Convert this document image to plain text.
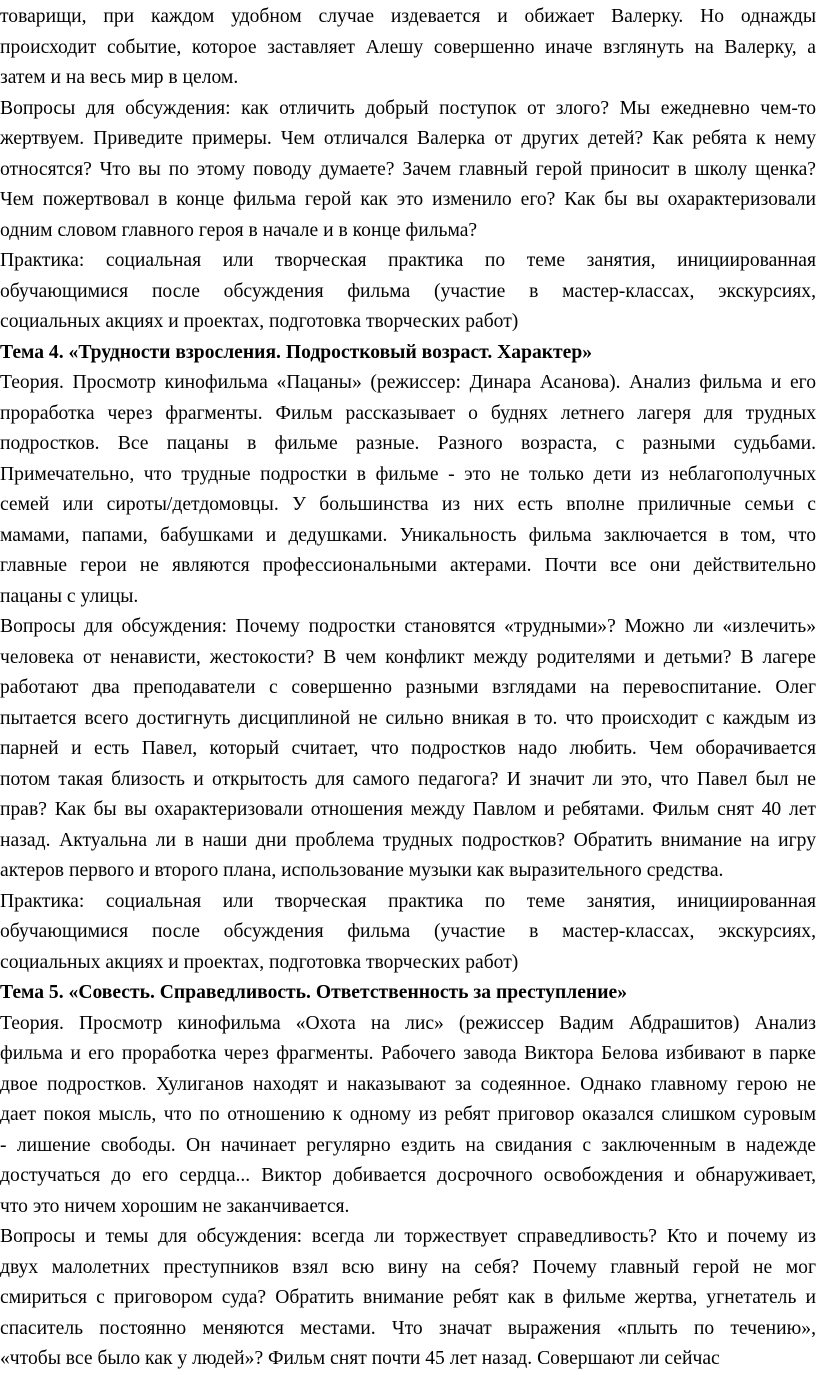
товарищи, при каждом удобном случае издевается и обижает Валерку. Но однажды
происходит событие, которое заставляет Алешу совершенно иначе взглянуть на Валерку, а
затем и на весь мир в целом.
Вопросы для обсуждения: как отличить добрый поступок от злого? Мы ежедневно чем-то
жертвуем. Приведите примеры. Чем отличался Валерка от других детей? Как ребята к нему
относятся? Что вы по этому поводу думаете? Зачем главный герой приносит в школу щенка?
Чем пожертвовал в конце фильма герой как это изменило его? Как бы вы охарактеризовали
одним словом главного героя в начале и в конце фильма?
Практика: социальная или творческая практика по теме занятия, инициированная
обучающимися после обсуждения фильма (участие в мастер-классах, экскурсиях,
социальных акциях и проектах, подготовка творческих работ)
Тема 4. «Трудности взросления. Подростковый возраст. Характер»
Теория. Просмотр кинофильма «Пацаны» (режиссер: Динара Асанова). Анализ фильма и его
проработка через фрагменты. Фильм рассказывает о буднях летнего лагеря для трудных
подростков. Все пацаны в фильме разные. Разного возраста, с разными судьбами.
Примечательно, что трудные подростки в фильме - это не только дети из неблагополучных
семей или сироты/детдомовцы. У большинства из них есть вполне приличные семьи с
мамами, папами, бабушками и дедушками. Уникальность фильма заключается в том, что
главные герои не являются профессиональными актерами. Почти все они действительно
пацаны с улицы.
Вопросы для обсуждения: Почему подростки становятся «трудными»? Можно ли «излечить»
человека от ненависти, жестокости? В чем конфликт между родителями и детьми? В лагере
работают два преподаватели с совершенно разными взглядами на перевоспитание. Олег
пытается всего достигнуть дисциплиной не сильно вникая в то. что происходит с каждым из
парней и есть Павел, который считает, что подростков надо любить. Чем оборачивается
потом такая близость и открытость для самого педагога? И значит ли это, что Павел был не
прав? Как бы вы охарактеризовали отношения между Павлом и ребятами. Фильм снят 40 лет
назад. Актуальна ли в наши дни проблема трудных подростков? Обратить внимание на игру
актеров первого и второго плана, использование музыки как выразительного средства.
Практика: социальная или творческая практика по теме занятия, инициированная
обучающимися после обсуждения фильма (участие в мастер-классах, экскурсиях,
социальных акциях и проектах, подготовка творческих работ)
Тема 5. «Совесть. Справедливость. Ответственность за преступление»
Теория. Просмотр кинофильма «Охота на лис» (режиссер Вадим Абдрашитов) Анализ
фильма и его проработка через фрагменты. Рабочего завода Виктора Белова избивают в парке
двое подростков. Хулиганов находят и наказывают за содеянное. Однако главному герою не
дает покоя мысль, что по отношению к одному из ребят приговор оказался слишком суровым
- лишение свободы. Он начинает регулярно ездить на свидания с заключенным в надежде
достучаться до его сердца... Виктор добивается досрочного освобождения и обнаруживает,
что это ничем хорошим не заканчивается.
Вопросы и темы для обсуждения: всегда ли торжествует справедливость? Кто и почему из
двух малолетних преступников взял всю вину на себя? Почему главный герой не мог
смириться с приговором суда? Обратить внимание ребят как в фильме жертва, угнетатель и
спаситель постоянно меняются местами. Что значат выражения «плыть по течению»,
«чтобы все было как у людей»? Фильм снят почти 45 лет назад. Совершают ли сейчас
